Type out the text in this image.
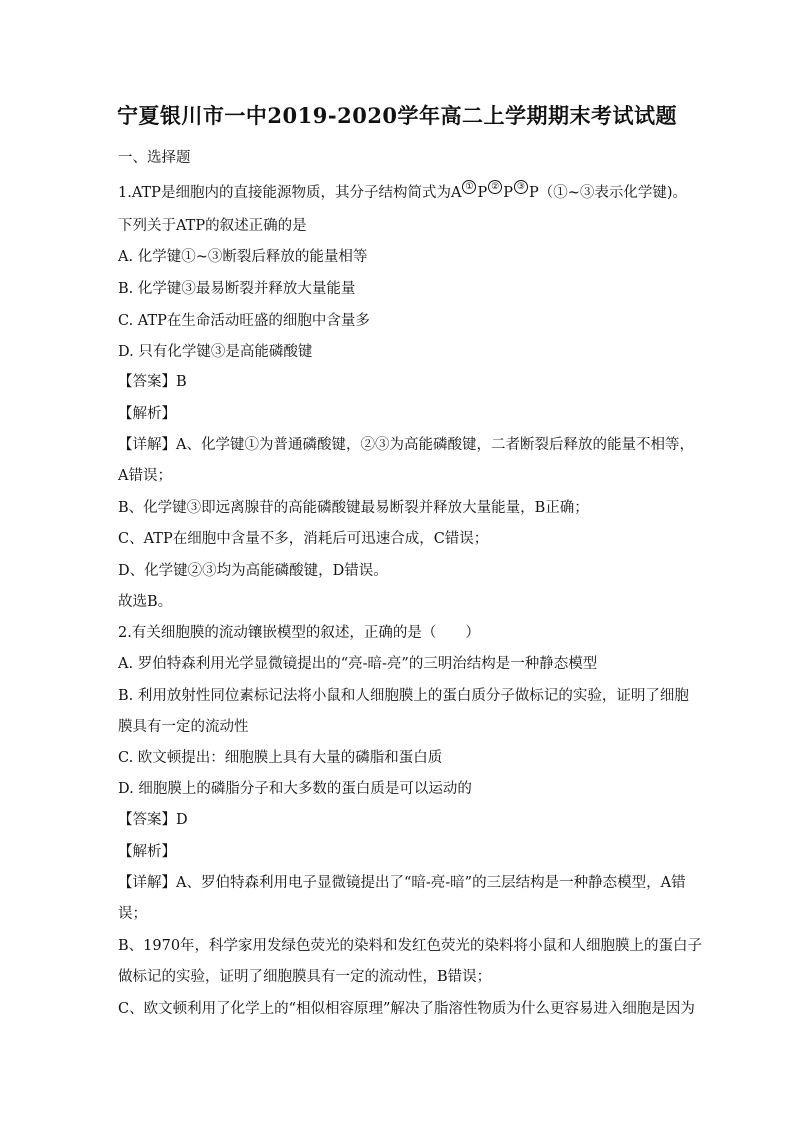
宁夏银川市一中2019-2020学年高二上学期期末考试试题
一、选择题
1.ATP是细胞内的直接能源物质，其分子结构简式为A ① P ② P ③ P（①~③表示化学键)。
下列关于ATP的叙述正确的是
A. 化学键①~③断裂后释放的能量相等
B. 化学键③最易断裂并释放大量能量
C. ATP在生命活动旺盛的细胞中含量多
D. 只有化学键③是高能磷酸键
【答案】B
【解析】
【详解】A、化学键①为普通磷酸键，②③为高能磷酸键，二者断裂后释放的能量不相等，
A错误；
B、化学键③即远离腺苷的高能磷酸键最易断裂并释放大量能量，B正确；
C、ATP在细胞中含量不多，消耗后可迅速合成，C错误；
D、化学键②③均为高能磷酸键，D错误。
故选B。
2.有关细胞膜的流动镶嵌模型的叙述，正确的是（　　）
A. 罗伯特森利用光学显微镜提出的“亮-暗-亮”的三明治结构是一种静态模型
B. 利用放射性同位素标记法将小鼠和人细胞膜上的蛋白质分子做标记的实验，证明了细胞
膜具有一定的流动性
C. 欧文顿提出：细胞膜上具有大量的磷脂和蛋白质
D. 细胞膜上的磷脂分子和大多数的蛋白质是可以运动的
【答案】D
【解析】
【详解】A、罗伯特森利用电子显微镜提出了“暗-亮-暗”的三层结构是一种静态模型，A错
误；
B、1970年，科学家用发绿色荧光的染料和发红色荧光的染料将小鼠和人细胞膜上的蛋白子
做标记的实验，证明了细胞膜具有一定的流动性，B错误；
C、欧文顿利用了化学上的“相似相容原理”解决了脂溶性物质为什么更容易进入细胞是因为
